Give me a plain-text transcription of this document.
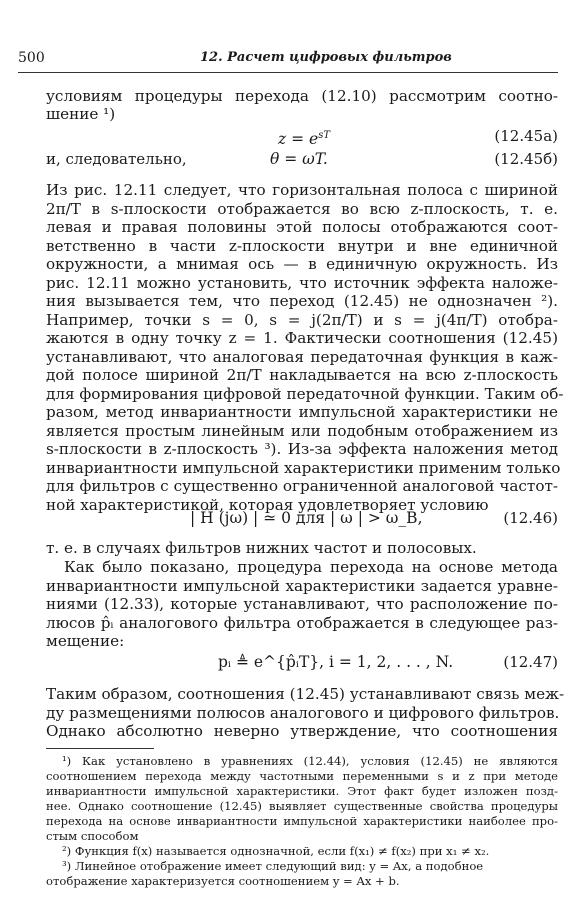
500	12. Расчет цифровых фильтров
условиям процедуры перехода (12.10) рассмотрим соотно-
шение ¹)
$z = e^{sT}$	(12.45а)
и, следовательно,	θ = ωT.	(12.45б)
Из рис. 12.11 следует, что горизонтальная полоса с шириной
2π/T в s-плоскости отображается во всю z-плоскость, т. е.
левая и правая половины этой полосы отображаются соот-
ветственно в части z-плоскости внутри и вне единичной
окружности, а мнимая ось — в единичную окружность. Из
рис. 12.11 можно установить, что источник эффекта наложе-
ния вызывается тем, что переход (12.45) не однозначен ²).
Например, точки s = 0, s = j(2π/T) и s = j(4π/T) отобра-
жаются в одну точку z = 1. Фактически соотношения (12.45)
устанавливают, что аналоговая передаточная функция в каж-
дой полосе шириной 2π/T накладывается на всю z-плоскость
для формирования цифровой передаточной функции. Таким об-
разом, метод инвариантности импульсной характеристики не
является простым линейным или подобным отображением из
s-плоскости в z-плоскость ³). Из-за эффекта наложения метод
инвариантности импульсной характеристики применим только
для фильтров с существенно ограниченной аналоговой частот-
ной характеристикой, которая удовлетворяет условию
| Ĥ (jω) | ≃ 0 для | ω | > ω_B,	(12.46)
т. е. в случаях фильтров нижних частот и полосовых.
Как было показано, процедура перехода на основе метода
инвариантности импульсной характеристики задается уравне-
ниями (12.33), которые устанавливают, что расположение по-
люсов p̂ᵢ аналогового фильтра отображается в следующее раз-
мещение:
pᵢ ≜ e^{p̂ᵢT}, i = 1, 2, . . . , N.	(12.47)
Таким образом, соотношения (12.45) устанавливают связь меж-
ду размещениями полюсов аналогового и цифрового фильтров.
Однако абсолютно неверно утверждение, что соотношения
¹) Как установлено в уравнениях (12.44), условия (12.45) не являются
соотношением перехода между частотными переменными s и z при методе
инвариантности импульсной характеристики. Этот факт будет изложен позд-
нее. Однако соотношение (12.45) выявляет существенные свойства процедуры
перехода на основе инвариантности импульсной характеристики наиболее про-
стым способом
²) Функция f(x) называется однозначной, если f(x₁) ≠ f(x₂) при x₁ ≠ x₂.
³) Линейное отображение имеет следующий вид: y = Ax, а подобное
отображение характеризуется соотношением y = Ax + b.
